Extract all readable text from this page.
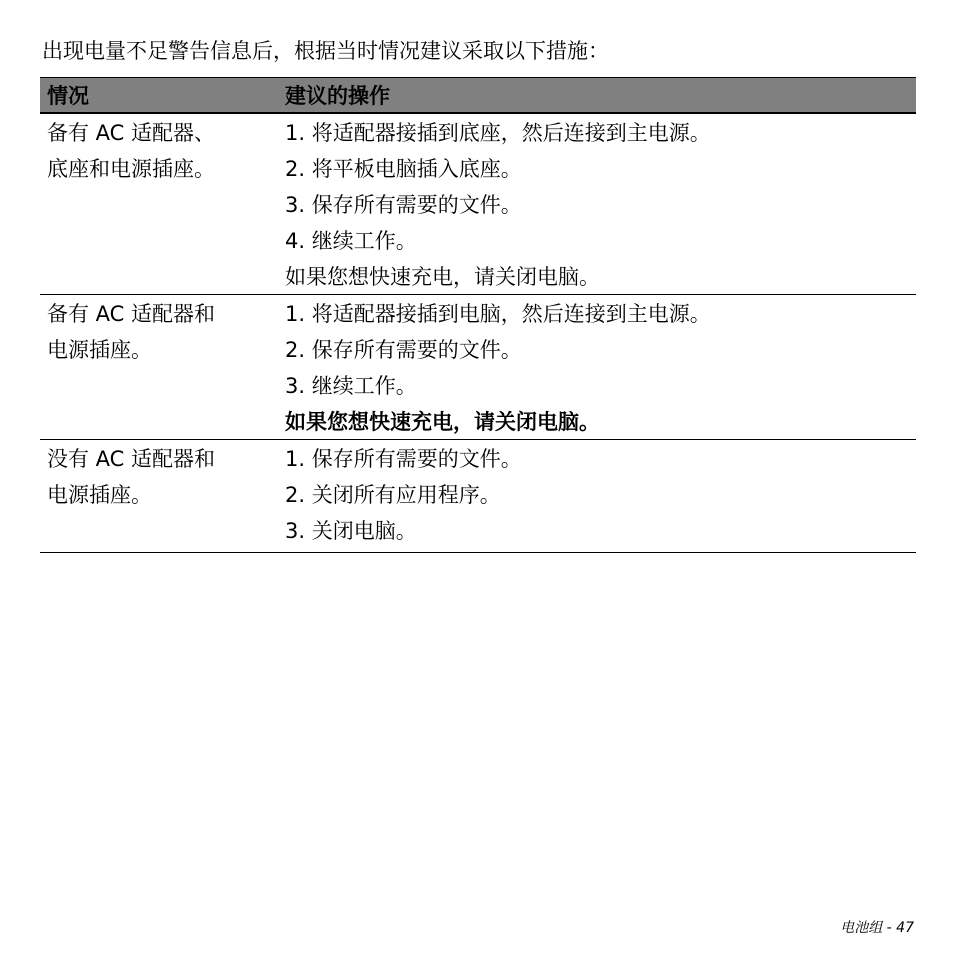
出现电量不足警告信息后，根据当时情况建议采取以下措施：
情况	建议的操作
备有 AC 适配器、
底座和电源插座。
1. 将适配器接插到底座，然后连接到主电源。
2. 将平板电脑插入底座。
3. 保存所有需要的文件。
4. 继续工作。
如果您想快速充电，请关闭电脑。
备有 AC 适配器和
电源插座。
1. 将适配器接插到电脑，然后连接到主电源。
2. 保存所有需要的文件。
3. 继续工作。
如果您想快速充电，请关闭电脑。
没有 AC 适配器和
电源插座。
1. 保存所有需要的文件。
2. 关闭所有应用程序。
3. 关闭电脑。
电池组 - 47
